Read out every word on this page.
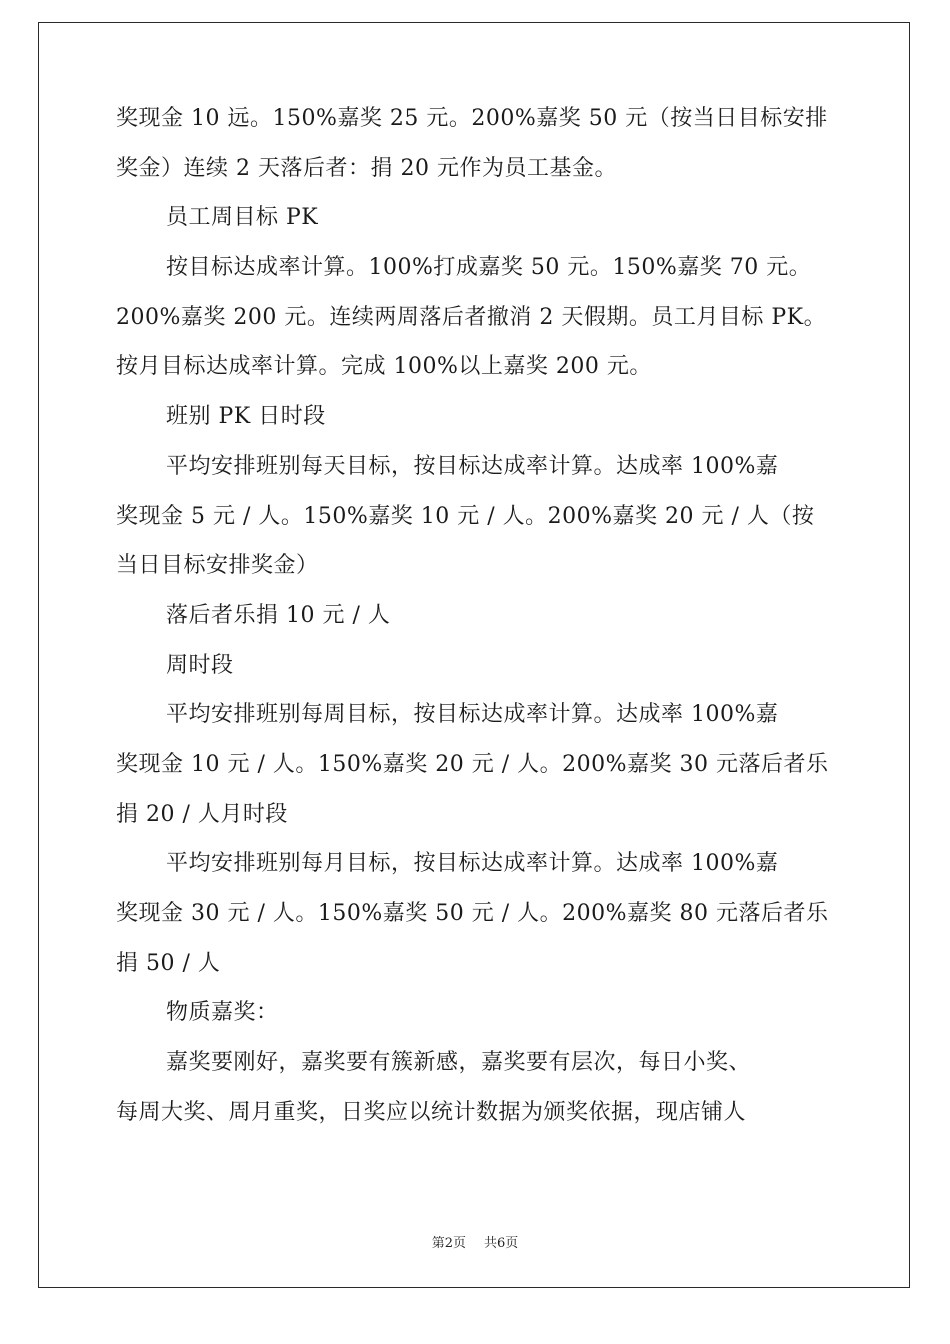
奖现金 10 远。150%嘉奖 25 元。200%嘉奖 50 元（按当日目标安排
奖金）连续 2 天落后者：捐 20 元作为员工基金。
员工周目标 PK
按目标达成率计算。100%打成嘉奖 50 元。150%嘉奖 70 元。
200%嘉奖 200 元。连续两周落后者撤消 2 天假期。员工月目标 PK。
按月目标达成率计算。完成 100%以上嘉奖 200 元。
班别 PK 日时段
平均安排班别每天目标，按目标达成率计算。达成率 100%嘉
奖现金 5 元 / 人。150%嘉奖 10 元 / 人。200%嘉奖 20 元 / 人（按
当日目标安排奖金）
落后者乐捐 10 元 / 人
周时段
平均安排班别每周目标，按目标达成率计算。达成率 100%嘉
奖现金 10 元 / 人。150%嘉奖 20 元 / 人。200%嘉奖 30 元落后者乐
捐 20 / 人月时段
平均安排班别每月目标，按目标达成率计算。达成率 100%嘉
奖现金 30 元 / 人。150%嘉奖 50 元 / 人。200%嘉奖 80 元落后者乐
捐 50 / 人
物质嘉奖：
嘉奖要刚好，嘉奖要有簇新感，嘉奖要有层次，每日小奖、
每周大奖、周月重奖，日奖应以统计数据为颁奖依据，现店铺人
第2页 共6页
